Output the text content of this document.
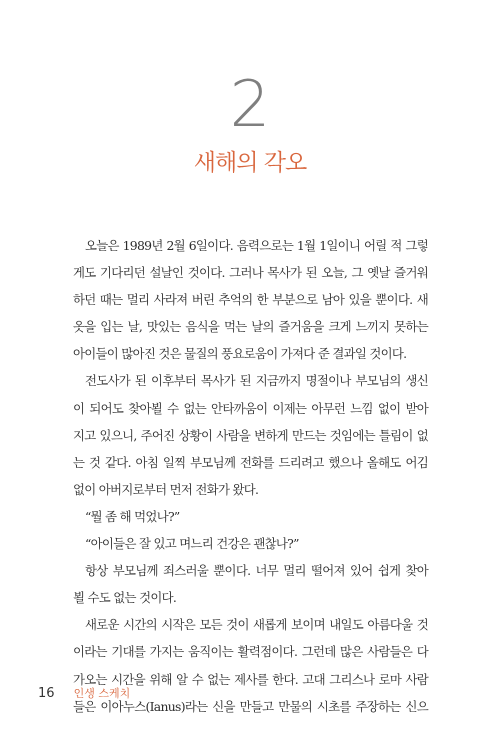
2
새해의 각오
오늘은 1989년 2월 6일이다. 음력으로는 1월 1일이니 어릴 적 그렇
게도 기다리던 설날인 것이다. 그러나 목사가 된 오늘, 그 옛날 즐거워
하던 때는 멀리 사라져 버린 추억의 한 부분으로 남아 있을 뿐이다. 새
옷을 입는 날, 맛있는 음식을 먹는 날의 즐거움을 크게 느끼지 못하는
아이들이 많아진 것은 물질의 풍요로움이 가져다 준 결과일 것이다.
전도사가 된 이후부터 목사가 된 지금까지 명절이나 부모님의 생신
이 되어도 찾아뵐 수 없는 안타까움이 이제는 아무런 느낌 없이 받아
지고 있으니, 주어진 상황이 사람을 변하게 만드는 것임에는 틀림이 없
는 것 같다. 아침 일찍 부모님께 전화를 드리려고 했으나 올해도 어김
없이 아버지로부터 먼저 전화가 왔다.
“뭘 좀 해 먹었나?”
“아이들은 잘 있고 며느리 건강은 괜찮나?”
항상 부모님께 죄스러울 뿐이다. 너무 멀리 떨어져 있어 쉽게 찾아
뵐 수도 없는 것이다.
새로운 시간의 시작은 모든 것이 새롭게 보이며 내일도 아름다울 것
이라는 기대를 가지는 움직이는 활력점이다. 그런데 많은 사람들은 다
가오는 시간을 위해 알 수 없는 제사를 한다. 고대 그리스나 로마 사람
들은 이아누스(Ianus)라는 신을 만들고 만물의 시초를 주장하는 신으
16 인생 스케치
